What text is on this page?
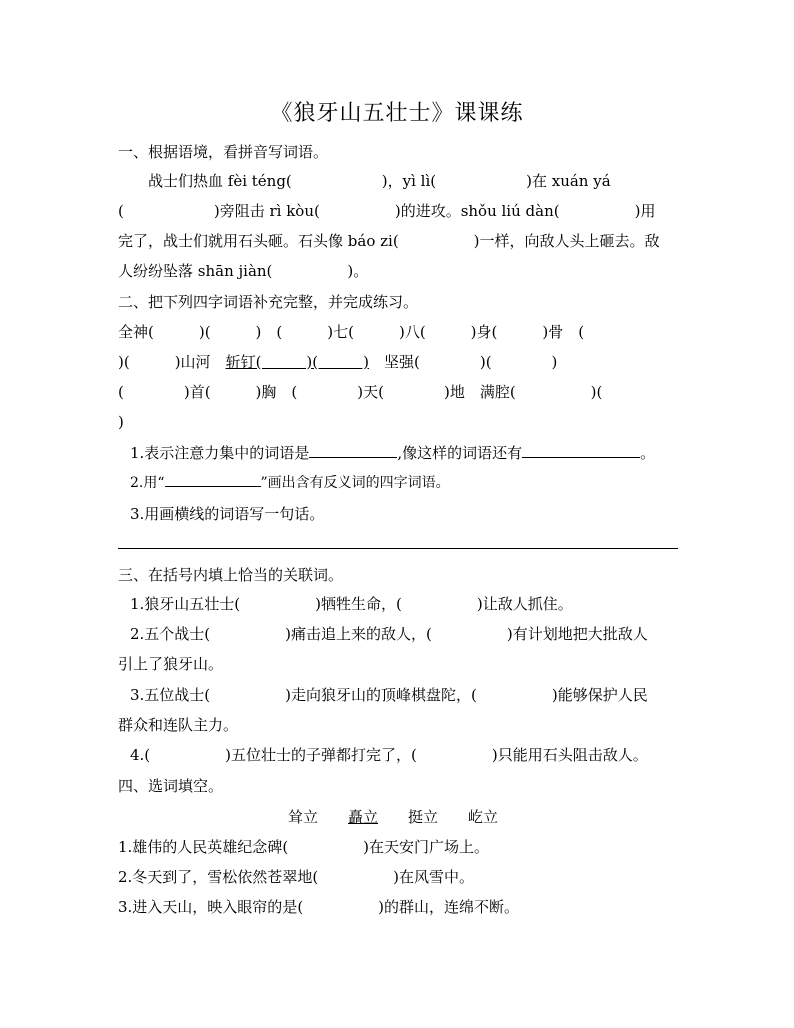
《狼牙山五壮士》课课练
一、根据语境，看拼音写词语。
　　战士们热血 fèi téng(　　　　　　)，yì lì(　　　　　　)在 xuán yá
(　　　　　　)旁阻击 rì kòu(　　　　　)的进攻。shǒu liú dàn(　　　　　)用
完了，战士们就用石头砸。石头像 báo zi(　　　　　)一样，向敌人头上砸去。敌
人纷纷坠落 shān jiàn(　　　　　)。
二、把下列四字词语补充完整，并完成练习。
全神(　　　)(　　　)　(　　　)七(　　　)八(　　　)身(　　　)骨　(
)(　　　)山河　斩钉(　　　)(　　　)　坚强(　　　　)(　　　　)
(　　　　)首(　　　)胸　(　　　　)天(　　　　)地　满腔(　　　　　)(
)
1.表示注意力集中的词语是	,像这样的词语还有	。
2.用“	”画出含有反义词的四字词语。
3.用画横线的词语写一句话。
三、在括号内填上恰当的关联词。
1.狼牙山五壮士(　　　　　)牺牲生命，(　　　　　)让敌人抓住。
2.五个战士(　　　　　)痛击追上来的敌人，(　　　　　)有计划地把大批敌人
引上了狼牙山。
3.五位战士(　　　　　)走向狼牙山的顶峰棋盘陀，(　　　　　)能够保护人民
群众和连队主力。
4.(　　　　　)五位壮士的子弹都打完了，(　　　　　)只能用石头阻击敌人。
四、选词填空。
耸立 矗立 挺立 屹立
1.雄伟的人民英雄纪念碑(　　　　　)在天安门广场上。
2.冬天到了，雪松依然苍翠地(　　　　　)在风雪中。
3.进入天山，映入眼帘的是(　　　　　)的群山，连绵不断。
